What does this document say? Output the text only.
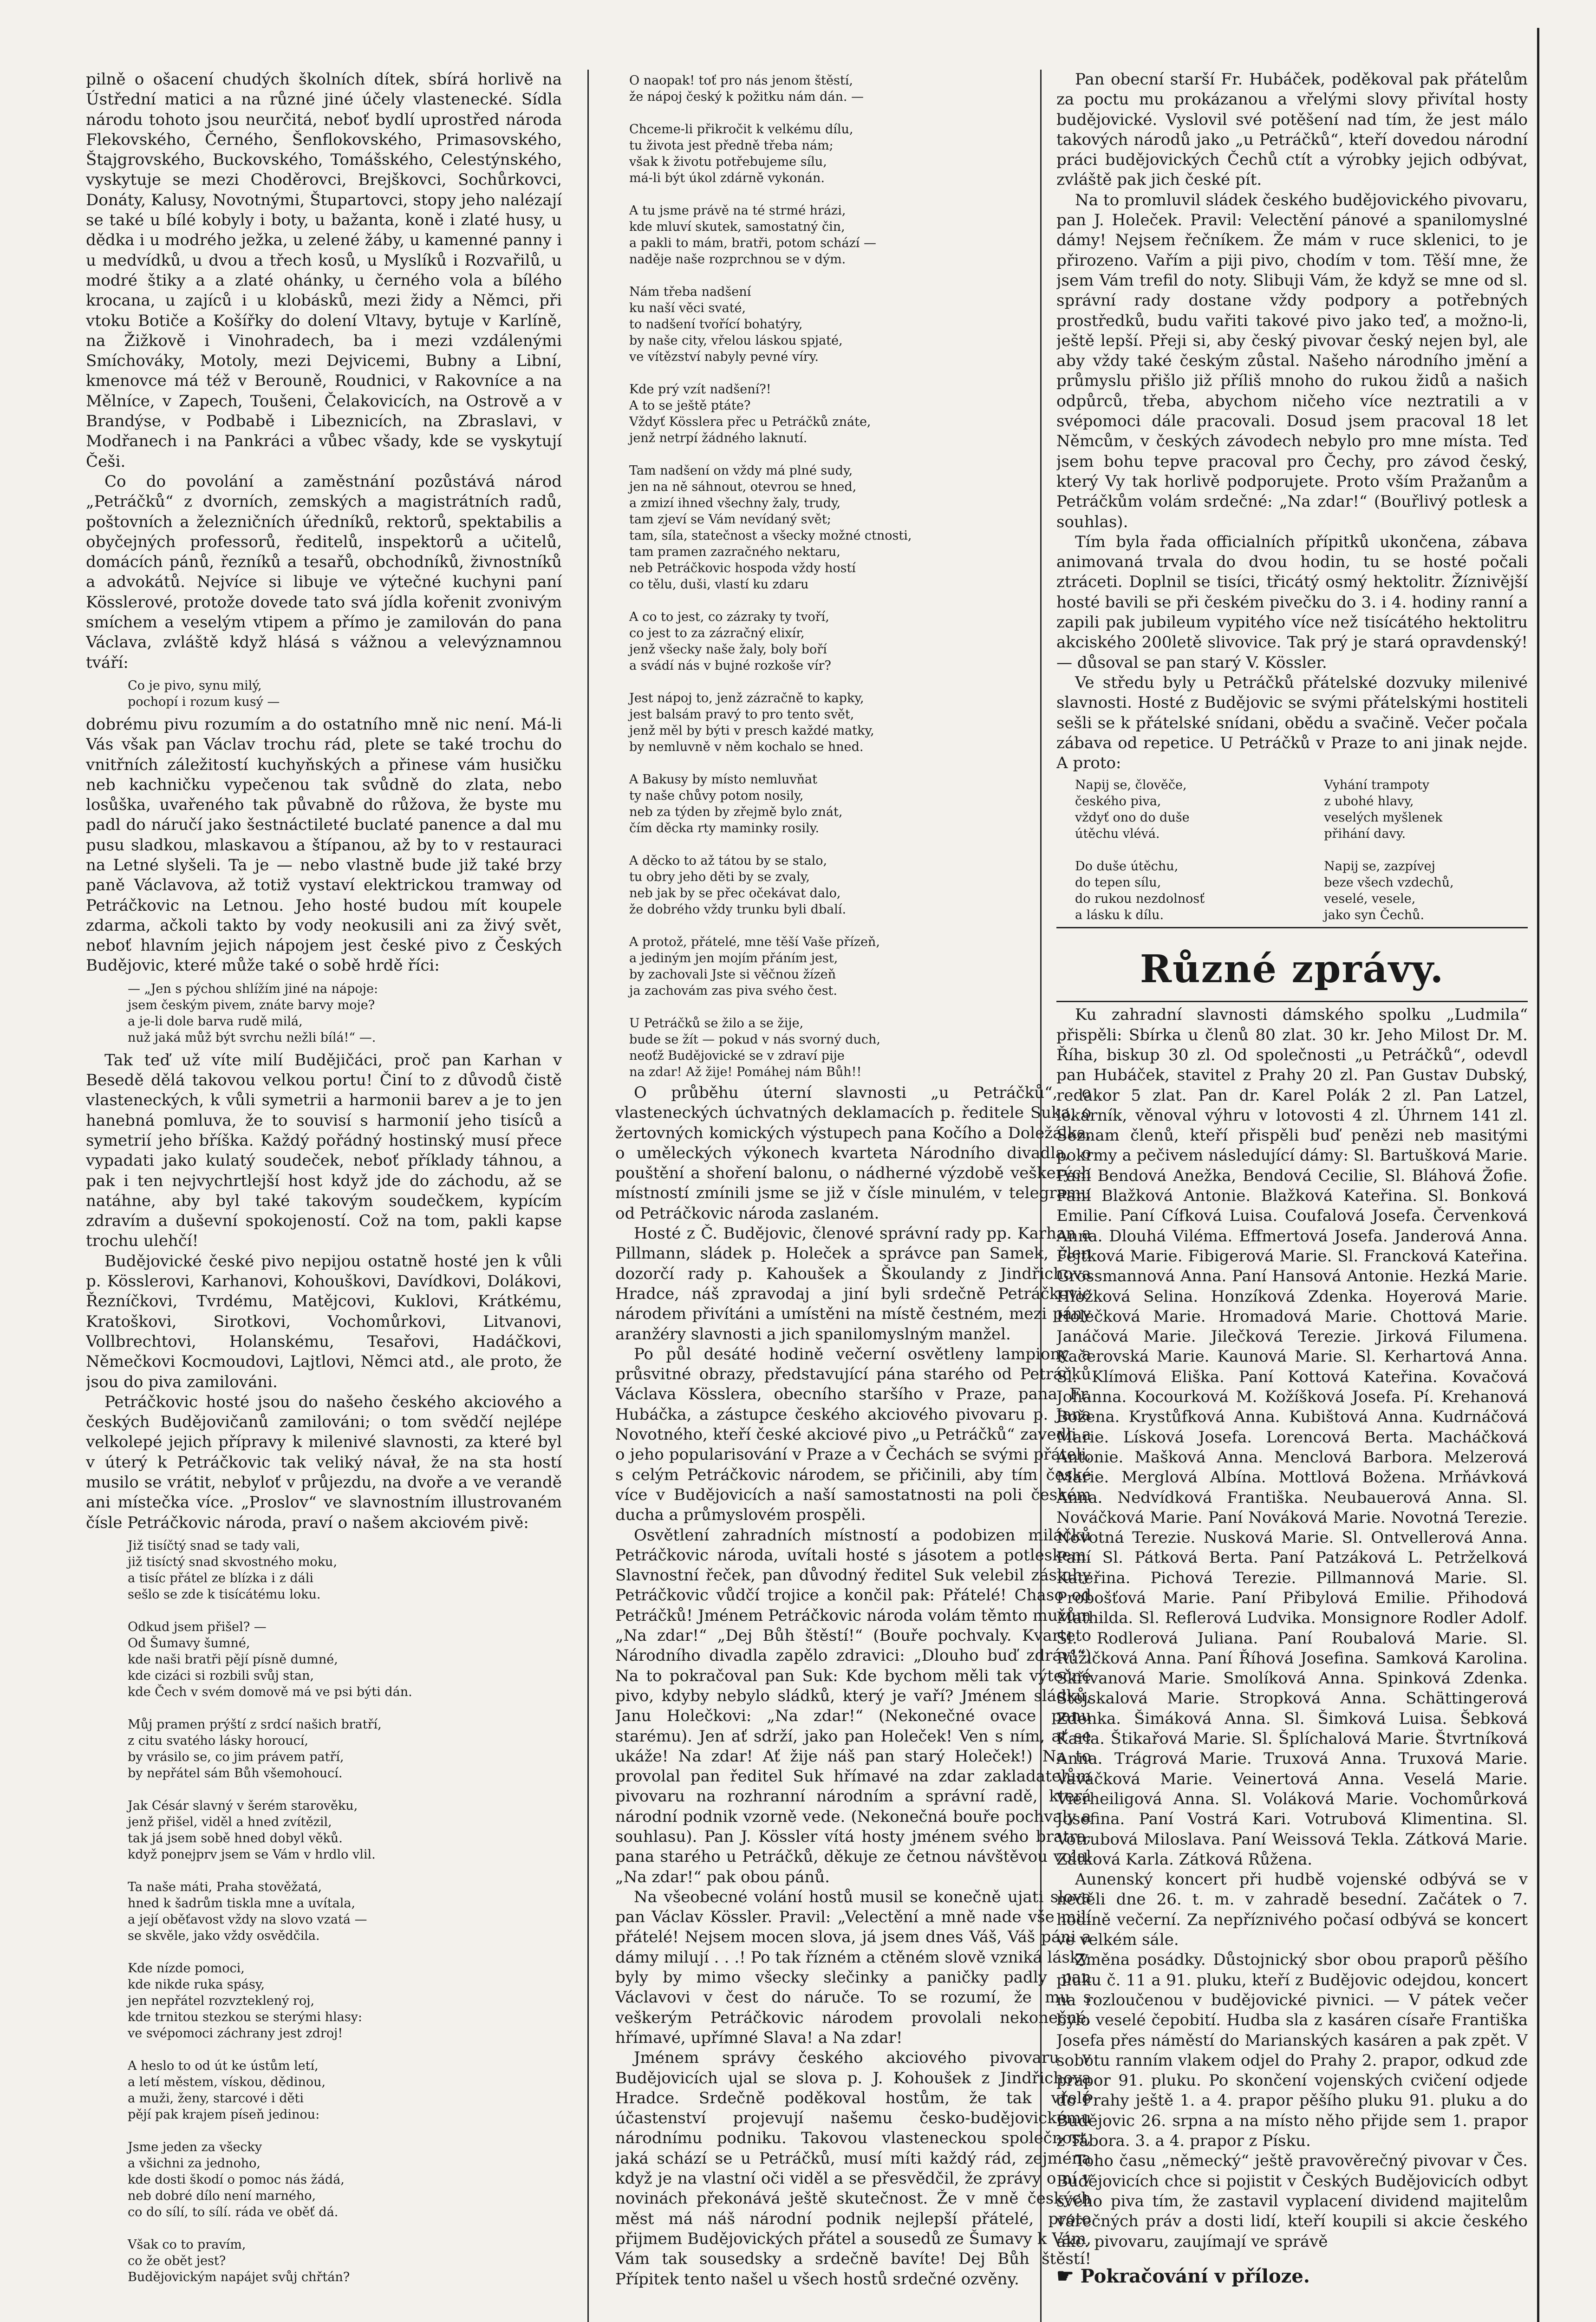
pilně o ošacení chudých školních dítek, sbírá horlivě na Ústřední matici a na různé jiné účely vlastenecké. Sídla národu tohoto jsou neurčitá, neboť bydlí uprostřed národa Flekovského, Černého, Šenflokovského, Primasovského, Štajgrovského, Buckovského, Tomášského, Celestýnského, vyskytuje se mezi Choděrovci, Brejškovci, Sochůrkovci, Donáty, Kalusy, Novotnými, Štupartovci, stopy jeho nalézají se také u bílé kobyly i boty, u bažanta, koně i zlaté husy, u dědka i u modrého ježka, u zelené žáby, u kamenné panny i u medvídků, u dvou a třech kosů, u Myslíků i Rozvařilů, u modré štiky a a zlaté ohánky, u černého vola a bílého krocana, u zajíců i u klobásků, mezi židy a Němci, při vtoku Botiče a Košířky do dolení Vltavy, bytuje v Karlíně, na Žižkově i Vinohradech, ba i mezi vzdálenými Smíchováky, Motoly, mezi Dejvicemi, Bubny a Libní, kmenovce má též v Berouně, Roudnici, v Rakovníce a na Mělníce, v Zapech, Toušeni, Čelakovicích, na Ostrově a v Brandýse, v Podbabě i Libeznicích, na Zbraslavi, v Modřanech i na Pankráci a vůbec všady, kde se vyskytují Češi.

Co do povolání a zaměstnání pozůstává národ „Petráčků“ z dvorních, zemských a magistrátních radů, poštovních a železničních úředníků, rektorů, spektabilis a obyčejných professorů, ředitelů, inspektorů a učitelů, domácích pánů, řezníků a tesařů, obchodníků, živnostníků a advokátů. Nejvíce si libuje ve výtečné kuchyni paní Kösslerové, protože dovede tato svá jídla kořenit zvonivým smíchem a veselým vtipem a přímo je zamilován do pana Václava, zvláště když hlásá s vážnou a velevýznamnou tváří:

Co je pivo, synu milý,
pochopí i rozum kusý —

dobrému pivu rozumím a do ostatního mně nic není. Má-li Vás však pan Václav trochu rád, plete se také trochu do vnitřních záležitostí kuchyňských a přinese vám husičku neb kachničku vypečenou tak svůdně do zlata, nebo losůška, uvařeného tak půvabně do růžova, že byste mu padl do náručí jako šestnáctileté buclaté panence a dal mu pusu sladkou, mlaskavou a štípanou, až by to v restauraci na Letné slyšeli. Ta je — nebo vlastně bude již také brzy paně Václavova, až totiž vystaví elektrickou tramway od Petráčkovic na Letnou. Jeho hosté budou mít koupele zdarma, ačkoli takto by vody neokusili ani za živý svět, neboť hlavním jejich nápojem jest české pivo z Českých Budějovic, které může také o sobě hrdě říci:

— „Jen s pýchou shlížím jiné na nápoje:
jsem českým pivem, znáte barvy moje?
a je-li dole barva rudě milá,
nuž jaká můž být svrchu nežli bílá!“ —.

Tak teď už víte milí Budějičáci, proč pan Karhan v Besedě dělá takovou velkou portu! Činí to z důvodů čistě vlasteneckých, k vůli symetrii a harmonii barev a je to jen hanebná pomluva, že to souvisí s harmonií jeho tisíců a symetrií jeho bříška. Každý pořádný hostinský musí přece vypadati jako kulatý soudeček, neboť příklady táhnou, a pak i ten nejvychrtlejší host když jde do záchodu, až se natáhne, aby byl také takovým soudečkem, kypícím zdravím a duševní spokojeností. Což na tom, pakli kapse trochu ulehčí!

Budějovické české pivo nepijou ostatně hosté jen k vůli p. Kösslerovi, Karhanovi, Kohouškovi, Davídkovi, Dolákovi, Řezníčkovi, Tvrdému, Matějcovi, Kuklovi, Krátkému, Kratoškovi, Sirotkovi, Vochomůrkovi, Litvanovi, Vollbrechtovi, Holanskému, Tesařovi, Hadáčkovi, Němečkovi Kocmoudovi, Lajtlovi, Němci atd., ale proto, že jsou do piva zamilováni.

Petráčkovic hosté jsou do našeho českého akciového a českých Budějovičanů zamilováni; o tom svědčí nejlépe velkolepé jejich přípravy k milenivé slavnosti, za které byl v úterý k Petráčkovic tak veliký návał, že na sta hostí musilo se vrátit, nebyloť v průjezdu, na dvoře a ve verandě ani místečka více. „Proslov“ ve slavnostním illustrovaném čísle Petráčkovic národa, praví o našem akciovém pivě:

Již tisíčtý snad se tady vali,
již tisíctý snad skvostného moku,
a tisíc přátel ze blízka i z dáli
sešlo se zde k tisícátému loku.

Odkud jsem přišel? —
Od Šumavy šumné,
kde naši bratři pějí písně dumné,
kde cizáci si rozbili svůj stan,
kde Čech v svém domově má ve psi býti dán.

Můj pramen prýští z srdcí našich bratří,
z citu svatého lásky horoucí,
by vrásilo se, co jim právem patří,
by nepřátel sám Bůh všemohoucí.

Jak Césár slavný v šerém starověku,
jenž přišel, viděl a hned zvítězil,
tak já jsem sobě hned dobyl věků.
když ponejprv jsem se Vám v hrdlo vlil.

Ta naše máti, Praha stověžatá,
hned k šadrům tiskla mne a uvítala,
a její oběťavost vždy na slovo vzatá —
se skvěle, jako vždy osvědčila.

Kde nízde pomoci,
kde nikde ruka spásy,
jen nepřátel rozvzteklený roj,
kde trnitou stezkou se sterými hlasy:
ve svépomoci záchrany jest zdroj!

A heslo to od út ke ústům letí,
a letí městem, vískou, dědinou,
a muži, ženy, starcové i děti
pějí pak krajem píseň jedinou:

Jsme jeden za všecky
a všichni za jednoho,
kde dosti škodí o pomoc nás žádá,
neb dobré dílo není marného,
co do sílí, to sílí. ráda ve oběť dá.

Však co to pravím,
co že obět jest?
Budějovickým napájet svůj chřtán?
O naopak! toť pro nás jenom štěstí,
že nápoj český k požitku nám dán. —

Chceme-li přikročit k velkému dílu,
tu života jest předně třeba nám;
však k životu potřebujeme sílu,
má-li být úkol zdárně vykonán.

A tu jsme právě na té strmé hrázi,
kde mluví skutek, samostatný čin,
a pakli to mám, bratři, potom schází —
naděje naše rozprchnou se v dým.

Nám třeba nadšení
ku naší věci svaté,
to nadšení tvořící bohatýry,
by naše city, vřelou láskou spjaté,
ve vítězství nabyly pevné víry.

Kde prý vzít nadšení?!
A to se ještě ptáte?
Vždyť Kösslera přec u Petráčků znáte,
jenž netrpí žádného laknutí.

Tam nadšení on vždy má plné sudy,
jen na ně sáhnout, otevrou se hned,
a zmizí ihned všechny žaly, trudy,
tam zjeví se Vám nevídaný svět;
tam, síla, statečnost a všecky možné ctnosti,
tam pramen zazračného nektaru,
neb Petráčkovic hospoda vždy hostí
co tělu, duši, vlastí ku zdaru

A co to jest, co zázraky ty tvoří,
co jest to za zázračný elixír,
jenž všecky naše žaly, boly boří
a svádí nás v bujné rozkoše vír?

Jest nápoj to, jenž zázračně to kapky,
jest balsám pravý to pro tento svět,
jenž měl by býti v presch každé matky,
by nemluvně v něm kochalo se hned.

A Bakusy by místo nemluvňat
ty naše chůvy potom nosily,
neb za týden by zřejmě bylo znát,
čím děcka rty maminky rosily.

A děcko to až tátou by se stalo,
tu obry jeho děti by se zvaly,
neb jak by se přec očekávat dalo,
že dobrého vždy trunku byli dbalí.

A protož, přátelé, mne těší Vaše přízeň,
a jediným jen mojím přáním jest,
by zachovali Jste si věčnou žízeň
ja zachovám zas piva svého čest.

U Petráčků se žilo a se žije,
bude se žít — pokud v nás svorný duch,
neoťž Budějovické se v zdraví pije
na zdar! Až žije! Pomáhej nám Bůh!!

O průběhu úterní slavnosti „u Petráčků“, o vlasteneckých úchvatných deklamacích p. ředitele Suka, o žertovných komických výstupech pana Kočího a Doležálka, o uměleckých výkonech kvarteta Národního divadla, o pouštění a shoření balonu, o nádherné výzdobě veškerých místností zmínili jsme se již v čísle minulém, v telegramu od Petráčkovic národa zaslaném.

Hosté z Č. Budějovic, členové správní rady pp. Karhan a Pillmann, sládek p. Holeček a správce pan Samek, člen dozorčí rady p. Kahoušek a Škoulandy z Jindřichova Hradce, náš zpravodaj a jiní byli srdečně Petráčkovic národem přivítáni a umístěni na místě čestném, mezi pány aranžéry slavnosti a jich spanilomyslným manžel.

Po půl desáté hodině večerní osvětleny lampiony a průsvitné obrazy, představující pána starého od Petráčků Václava Kösslera, obecního staršího v Praze, pana Fr. Hubáčka, a zástupce českého akciového pivovaru p. Jana Novotného, kteří české akciové pivo „u Petráčků“ zavedli a o jeho popularisování v Praze a v Čechách se svými přáteli, s celým Petráčkovic národem, se přičinili, aby tím české více v Budějovicích a naší samostatnosti na poli českém ducha a průmyslovém prospěli.

Osvětlení zahradních místností a podobizen miláčků Petráčkovic národa, uvítali hosté s jásotem a potleskem. Slavnostní řeček, pan důvodný ředitel Suk velebil zásluhy Petráčkovic vůdčí trojice a končil pak: Přátelé! Chaso od Petráčků! Jménem Petráčkovic národa volám těmto mužům „Na zdar!“ „Dej Bůh štěstí!“ (Bouře pochvaly. Kvarteto Národního divadla zapělo zdravici: „Dlouho buď zdráv!“) Na to pokračoval pan Suk: Kde bychom měli tak výtečné pivo, kdyby nebylo sládků, který je vaří? Jménem sládků, Janu Holečkovi: „Na zdar!“ (Nekonečné ovace panu starému). Jen ať sdrží, jako pan Holeček! Ven s ním, ať se ukáže! Na zdar! Ať žije náš pan starý Holeček!) Na to provolal pan ředitel Suk hřímavé na zdar zakladatelům pivovaru na rozhranní národním a správní radě, která národní podnik vzorně vede. (Nekonečná bouře pochvaly a souhlasu). Pan J. Kössler vítá hosty jménem svého bratra, pana starého u Petráčků, děkuje ze četnou návštěvou volal „Na zdar!“ pak obou pánů.

Na všeobecné volání hostů musil se konečně ujati slova pan Václav Kössler. Pravil: „Velectění a mně nade vše milí přátelé! Nejsem mocen slova, já jsem dnes Váš, Váš páni a dámy milují . . .! Po tak řízném a ctěném slově vzniká lásky, byly by mimo všecky slečinky a paničky padly pan Václavovi v čest do náruče. To se rozumí, že mu s veškerým Petráčkovic národem provolali nekonečné, hřímavé, upřímné Slava! a Na zdar!

Jménem správy českého akciového pivovaru v Budějovicích ujal se slova p. J. Kohoušek z Jindřichova Hradce. Srdečně poděkoval hostům, že tak vřelé účastenství projevují našemu česko-budějovickému národnímu podniku. Takovou vlasteneckou společnost, jaká schází se u Petráčků, musí míti každý rád, zejména když je na vlastní oči viděl a se přesvědčil, že zprávy o ní v novinách překonává ještě skutečnost. Že v mně českých měst má náš národní podnik nejlepší přátelé, proto přijmem Budějovických přátel a sousedů ze Šumavy k Vám, Vám tak sousedsky a srdečně bavíte! Dej Bůh štěstí! Přípitek tento našel u všech hostů srdečné ozvěny.

Pan obecní starší Fr. Hubáček, poděkoval pak přátelům za poctu mu prokázanou a vřelými slovy přivítal hosty budějovické. Vyslovil své potěšení nad tím, že jest málo takových národů jako „u Petráčků“, kteří dovedou národní práci budějovických Čechů ctít a výrobky jejich odbývat, zvláště pak jich české pít.

Na to promluvil sládek českého budějovického pivovaru, pan J. Holeček. Pravil: Velectění pánové a spanilomyslné dámy! Nejsem řečníkem. Že mám v ruce sklenici, to je přirozeno. Vařím a piji pivo, chodím v tom. Těší mne, že jsem Vám trefil do noty. Slibuji Vám, že když se mne od sl. správní rady dostane vždy podpory a potřebných prostředků, budu vařiti takové pivo jako teď, a možno-li, ještě lepší. Přeji si, aby český pivovar český nejen byl, ale aby vždy také českým zůstal. Našeho národního jmění a průmyslu přišlo již příliš mnoho do rukou židů a našich odpůrců, třeba, abychom ničeho více neztratili a v svépomoci dále pracovali. Dosud jsem pracoval 18 let Němcům, v českých závodech nebylo pro mne místa. Teď jsem bohu tepve pracoval pro Čechy, pro závod český, který Vy tak horlivě podporujete. Proto vším Pražanům a Petráčkům volám srdečné: „Na zdar!“ (Bouřlivý potlesk a souhlas).

Tím byla řada officialních přípitků ukončena, zábava animovaná trvala do dvou hodin, tu se hosté počali ztráceti. Doplnil se tisíci, třicátý osmý hektolitr. Žíznivější hosté bavili se při českém pivečku do 3. i 4. hodiny ranní a zapili pak jubileum vypitého více než tisícátého hektolitru akciského 200letě slivovice. Tak prý je stará opravdenský! — důsoval se pan starý V. Kössler.

Ve středu byly u Petráčků přátelské dozvuky milenivé slavnosti. Hosté z Budějovic se svými přátelskými hostiteli sešli se k přátelské snídani, obědu a svačině. Večer počala zábava od repetice. U Petráčků v Praze to ani jinak nejde. A proto:

Napij se, člověče,
českého piva,
vždyť ono do duše
útěchu vlévá.

Do duše útěchu,
do tepen sílu,
do rukou nezdolnosť
a lásku k dílu.
Vyhání trampoty
z ubohé hlavy,
veselých myšlenek
přihání davy.

Napij se, zazpívej
beze všech vzdechů,
veselé, vesele,
jako syn Čechů.
Různé zprávy.

Ku zahradní slavnosti dámského spolku „Ludmila“ přispěli: Sbírka u členů 80 zlat. 30 kr. Jeho Milost Dr. M. Říha, biskup 30 zl. Od společnosti „u Petráčků“, odevdl pan Hubáček, stavitel z Prahy 20 zl. Pan Gustav Dubský, redakor 5 zlat. Pan dr. Karel Polák 2 zl. Pan Latzel, lékárník, věnoval výhru v lotovosti 4 zl. Úhrnem 141 zl. Seznam členů, kteří přispěli buď penězi neb masitými pokrmy a pečivem následující dámy: Sl. Bartušková Marie. Paní Bendová Anežka, Bendová Cecilie, Sl. Bláhová Žofie. Paní Blažková Antonie. Blažková Kateřina. Sl. Bonková Emilie. Paní Cífková Luisa. Coufalová Josefa. Červenková Anna. Dlouhá Viléma. Effmertová Josefa. Janderová Anna. Fejtková Marie. Fibigerová Marie. Sl. Francková Kateřina. Grossmannová Anna. Paní Hansová Antonie. Hezká Marie. Hložková Selina. Honzíková Zdenka. Hoyerová Marie. Holečková Marie. Hromadová Marie. Chottová Marie. Janáčová Marie. Jilečková Terezie. Jirková Filumena. Kačerovská Marie. Kaunová Marie. Sl. Kerhartová Anna. Sl. Klímová Eliška. Paní Kottová Kateřina. Kovačová Johanna. Kocourková M. Kožíšková Josefa. Pí. Krehanová Božena. Krystůfková Anna. Kubištová Anna. Kudrnáčová Marie. Lísková Josefa. Lorencová Berta. Macháčková Antonie. Mašková Anna. Menclová Barbora. Melzerová Marie. Merglová Albína. Mottlová Božena. Mrňávková Anna. Nedvídková Františka. Neubauerová Anna. Sl. Nováčková Marie. Paní Nováková Marie. Novotná Terezie. Novotná Terezie. Nusková Marie. Sl. Ontvellerová Anna. Paní Sl. Pátková Berta. Paní Patzáková L. Petrželková Kateřina. Pichová Terezie. Pillmannová Marie. Sl. Probošťová Marie. Paní Přibylová Emilie. Přihodová Mathilda. Sl. Reflerová Ludvika. Monsignore Rodler Adolf. Sl. Rodlerová Juliana. Paní Roubalová Marie. Sl. Růžičková Anna. Paní Říhová Josefina. Samková Karolina. Skřivanová Marie. Smolíková Anna. Spinková Zdenka. Stejskalová Marie. Stropková Anna. Schättingerová Zdenka. Šimáková Anna. Sl. Šimková Luisa. Šebková Karla. Štikařová Marie. Sl. Šplíchalová Marie. Štvrtníková Anna. Trágrová Marie. Truxová Anna. Truxová Marie. Vaváčková Marie. Veinertová Anna. Veselá Marie. Vierheiligová Anna. Sl. Voláková Marie. Vochomůrková Josefina. Paní Vostrá Kari. Votrubová Klimentina. Sl. Votrubová Miloslava. Paní Weissová Tekla. Zátková Marie. Zátková Karla. Zátková Růžena.

Aunenský koncert při hudbě vojenské odbývá se v neděli dne 26. t. m. v zahradě besední. Začátek o 7. hodině večerní. Za nepříznivého počasí odbývá se koncert ve velkém sále.

Změna posádky. Důstojnický sbor obou praporů pěšího pluku č. 11 a 91. pluku, kteří z Budějovic odejdou, koncert na rozloučenou v budějovické pivnici. — V pátek večer bylo veselé čepobití. Hudba sla z kasáren císaře Františka Josefa přes náměstí do Marianských kasáren a pak zpět. V sobotu ranním vlakem odjel do Prahy 2. prapor, odkud zde prapor 91. pluku. Po skončení vojenských cvičení odjede do Prahy ještě 1. a 4. prapor pěšího pluku 91. pluku a do Budějovic 26. srpna a na místo něho přijde sem 1. prapor z Tábora. 3. a 4. prapor z Písku.

Toho času „německý“ ještě pravověrečný pivovar v Čes. Budějovicích chce si pojistit v Českých Budějovicích odbyt svého piva tím, že zastavil vyplacení dividend majitelům várečných práv a dosti lidí, kteří koupili si akcie českého akc. pivovaru, zaujímají ve správě

☛ Pokračování v příloze.
